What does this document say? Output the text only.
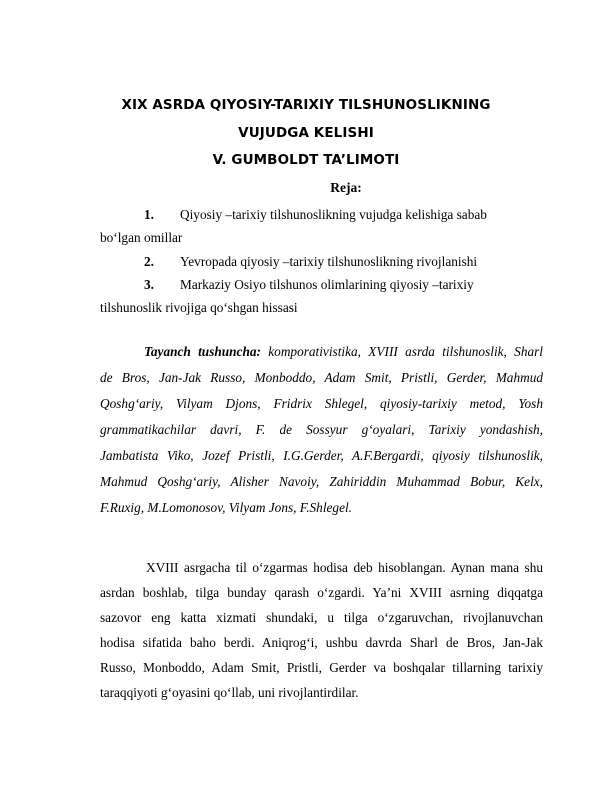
XIX ASRDA QIYOSIY-TARIXIY TILSHUNOSLIKNING
VUJUDGA KELISHI
V. GUMBOLDT TA’LIMOTI
Reja:
1. Qiyosiy –tarixiy tilshunoslikning vujudga kelishiga sabab
bo‘lgan omillar
2. Yevropada qiyosiy –tarixiy tilshunoslikning rivojlanishi
3. Markaziy Osiyo tilshunos olimlarining qiyosiy –tarixiy
tilshunoslik rivojiga qo‘shgan hissasi
Tayanch tushuncha: komporativistika, XVIII asrda tilshunoslik, Sharl
de Bros, Jan-Jak Russo, Monboddo, Adam Smit, Pristli, Gerder, Mahmud
Qoshg‘ariy, Vilyam Djons, Fridrix Shlegel, qiyosiy-tarixiy metod, Yosh
grammatikachilar davri, F. de Sossyur g‘oyalari, Tarixiy yondashish,
Jambatista Viko, Jozef Pristli, I.G.Gerder, A.F.Bergardi, qiyosiy tilshunoslik,
Mahmud Qoshg‘ariy, Alisher Navoiy, Zahiriddin Muhammad Bobur, Kelx,
F.Ruxig, M.Lomonosov, Vilyam Jons, F.Shlegel.
XVIII asrgacha til o‘zgarmas hodisa deb hisoblangan. Aynan mana shu
asrdan boshlab, tilga bunday qarash o‘zgardi. Ya’ni XVIII asrning diqqatga
sazovor eng katta xizmati shundaki, u tilga o‘zgaruvchan, rivojlanuvchan
hodisa sifatida baho berdi. Aniqrog‘i, ushbu davrda Sharl de Bros, Jan-Jak
Russo, Monboddo, Adam Smit, Pristli, Gerder va boshqalar tillarning tarixiy
taraqqiyoti g‘oyasini qo‘llab, uni rivojlantirdilar.
